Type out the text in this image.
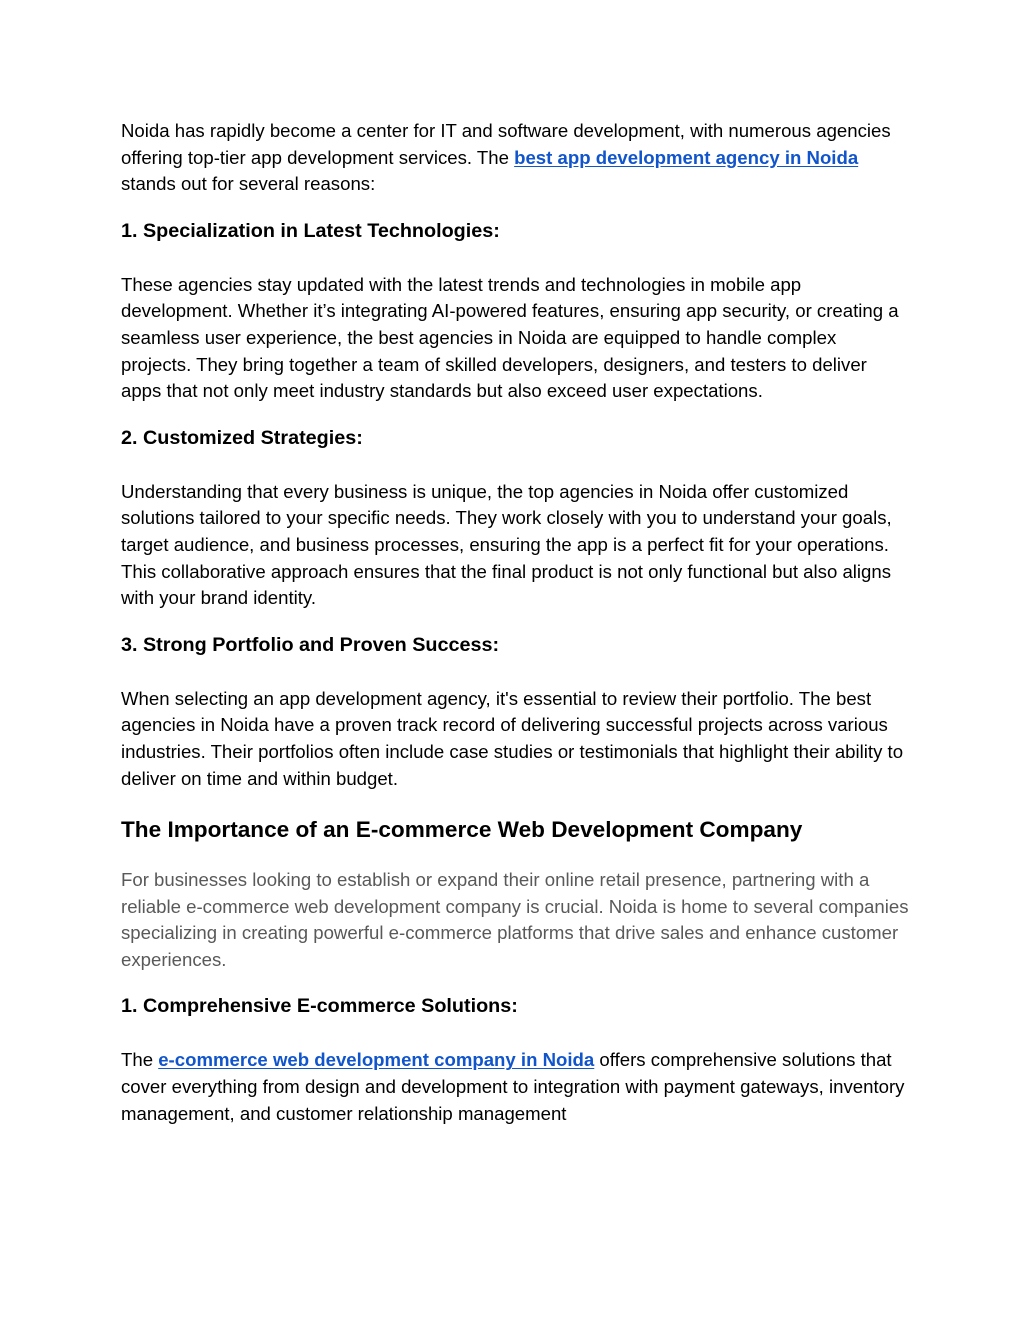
Noida has rapidly become a center for IT and software development, with numerous agencies offering top-tier app development services. The best app development agency in Noida stands out for several reasons:

1. Specialization in Latest Technologies:

These agencies stay updated with the latest trends and technologies in mobile app development. Whether it’s integrating AI-powered features, ensuring app security, or creating a seamless user experience, the best agencies in Noida are equipped to handle complex projects. They bring together a team of skilled developers, designers, and testers to deliver apps that not only meet industry standards but also exceed user expectations.

2. Customized Strategies:

Understanding that every business is unique, the top agencies in Noida offer customized solutions tailored to your specific needs. They work closely with you to understand your goals, target audience, and business processes, ensuring the app is a perfect fit for your operations. This collaborative approach ensures that the final product is not only functional but also aligns with your brand identity.

3. Strong Portfolio and Proven Success:

When selecting an app development agency, it's essential to review their portfolio. The best agencies in Noida have a proven track record of delivering successful projects across various industries. Their portfolios often include case studies or testimonials that highlight their ability to deliver on time and within budget.

The Importance of an E-commerce Web Development Company

For businesses looking to establish or expand their online retail presence, partnering with a reliable e-commerce web development company is crucial. Noida is home to several companies specializing in creating powerful e-commerce platforms that drive sales and enhance customer experiences.

1. Comprehensive E-commerce Solutions:

The e-commerce web development company in Noida offers comprehensive solutions that cover everything from design and development to integration with payment gateways, inventory management, and customer relationship management
